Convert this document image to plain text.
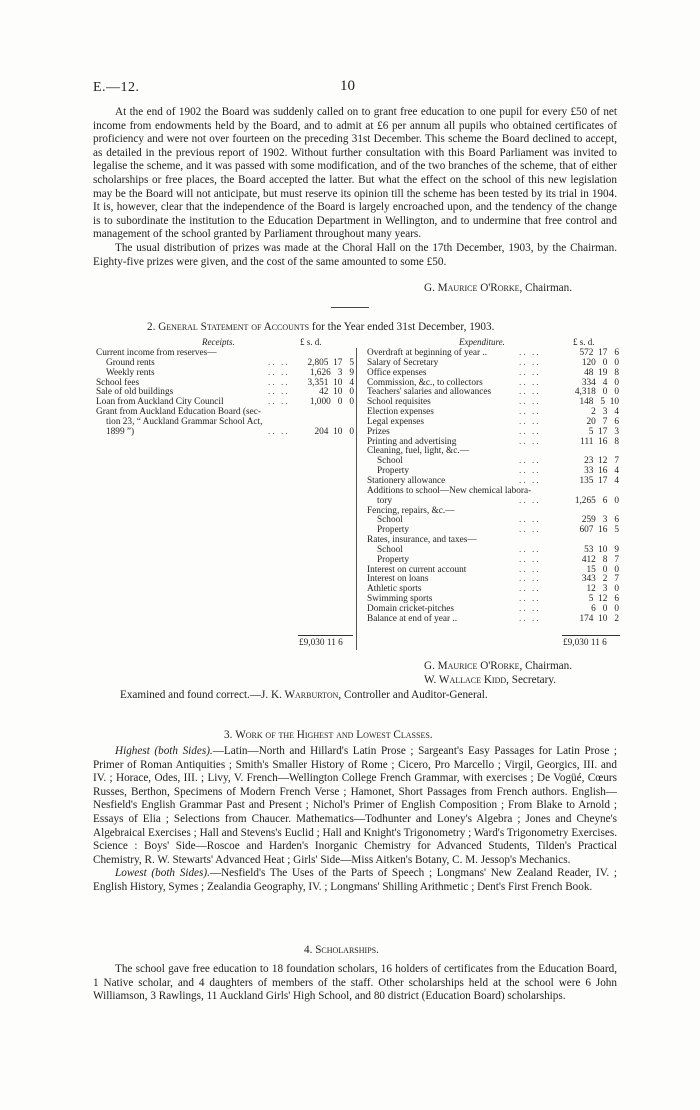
E.—12.	10

At the end of 1902 the Board was suddenly called on to grant free education to one pupil for every £50 of net income from endowments held by the Board, and to admit at £6 per annum all pupils who obtained certificates of proficiency and were not over fourteen on the preceding 31st December. This scheme the Board declined to accept, as detailed in the previous report of 1902. Without further consultation with this Board Parliament was invited to legalise the scheme, and it was passed with some modification, and of the two branches of the scheme, that of either scholarships or free places, the Board accepted the latter. But what the effect on the school of this new legislation may be the Board will not anticipate, but must reserve its opinion till the scheme has been tested by its trial in 1904. It is, however, clear that the independence of the Board is largely encroached upon, and the tendency of the change is to subordinate the institution to the Education Department in Wellington, and to undermine that free control and management of the school granted by Parliament throughout many years.

The usual distribution of prizes was made at the Choral Hall on the 17th December, 1903, by the Chairman. Eighty-five prizes were given, and the cost of the same amounted to some £50.

G. Maurice O'Rorke, Chairman.
2. General Statement of Accounts for the Year ended 31st December, 1903.
Receipts.	£ s. d.	Expenditure.	£ s. d.
Current income from reserves—
Ground rents	.. ..	2,805  17   5
Weekly rents	.. ..	1,626   3   9
School fees	.. ..	3,351  10   4
Sale of old buildings	.. ..	42  10   0
Loan from Auckland City Council	.. ..	1,000   0   0
Grant from Auckland Education Board (sec-
tion 23, “ Auckland Grammar School Act,
1899 ”)	.. ..	204  10   0
Overdraft at beginning of year ..	.. ..	572  17   6
Salary of Secretary	.. ..	120   0   0
Office expenses	.. ..	48  19   8
Commission, &c., to collectors	.. ..	334   4   0
Teachers' salaries and allowances	.. ..	4,318   0   0
School requisites	.. ..	148   5  10
Election expenses	.. ..	2   3   4
Legal expenses	.. ..	20   7   6
Prizes	.. ..	5  17   3
Printing and advertising	.. ..	111  16   8
Cleaning, fuel, light, &c.—
School	.. ..	23  12   7
Property	.. ..	33  16   4
Stationery allowance	.. ..	135  17   4
Additions to school—New chemical labora-
tory	.. ..	1,265   6   0
Fencing, repairs, &c.—
School	.. ..	259   3   6
Property	.. ..	607  16   5
Rates, insurance, and taxes—
School	.. ..	53  10   9
Property	.. ..	412   8   7
Interest on current account	.. ..	15   0   0
Interest on loans	.. ..	343   2   7
Athletic sports	.. ..	12   3   0
Swimming sports	.. ..	5  12   6
Domain cricket-pitches	.. ..	6   0   0
Balance at end of year ..	.. ..	174  10   2
£9,030 11 6	£9,030 11 6
G. Maurice O'Rorke, Chairman.
W. Wallace Kidd, Secretary.
Examined and found correct.—J. K. Warburton, Controller and Auditor-General.
3. Work of the Highest and Lowest Classes.

Highest (both Sides).—Latin—North and Hillard's Latin Prose ; Sargeant's Easy Passages for Latin Prose ; Primer of Roman Antiquities ; Smith's Smaller History of Rome ; Cicero, Pro Marcello ; Virgil, Georgics, III. and IV. ; Horace, Odes, III. ; Livy, V. French—Wellington College French Grammar, with exercises ; De Vogüé, Cœurs Russes, Berthon, Specimens of Modern French Verse ; Hamonet, Short Passages from French authors. English—Nesfield's English Grammar Past and Present ; Nichol's Primer of English Composition ; From Blake to Arnold ; Essays of Elia ; Selections from Chaucer. Mathematics—Todhunter and Loney's Algebra ; Jones and Cheyne's Algebraical Exercises ; Hall and Stevens's Euclid ; Hall and Knight's Trigonometry ; Ward's Trigonometry Exercises. Science : Boys' Side—Roscoe and Harden's Inorganic Chemistry for Advanced Students, Tilden's Practical Chemistry, R. W. Stewarts' Advanced Heat ; Girls' Side—Miss Aitken's Botany, C. M. Jessop's Mechanics.

Lowest (both Sides).—Nesfield's The Uses of the Parts of Speech ; Longmans' New Zealand Reader, IV. ; English History, Symes ; Zealandia Geography, IV. ; Longmans' Shilling Arithmetic ; Dent's First French Book.

4. Scholarships.

The school gave free education to 18 foundation scholars, 16 holders of certificates from the Education Board, 1 Native scholar, and 4 daughters of members of the staff. Other scholarships held at the school were 6 John Williamson, 3 Rawlings, 11 Auckland Girls' High School, and 80 district (Education Board) scholarships.
